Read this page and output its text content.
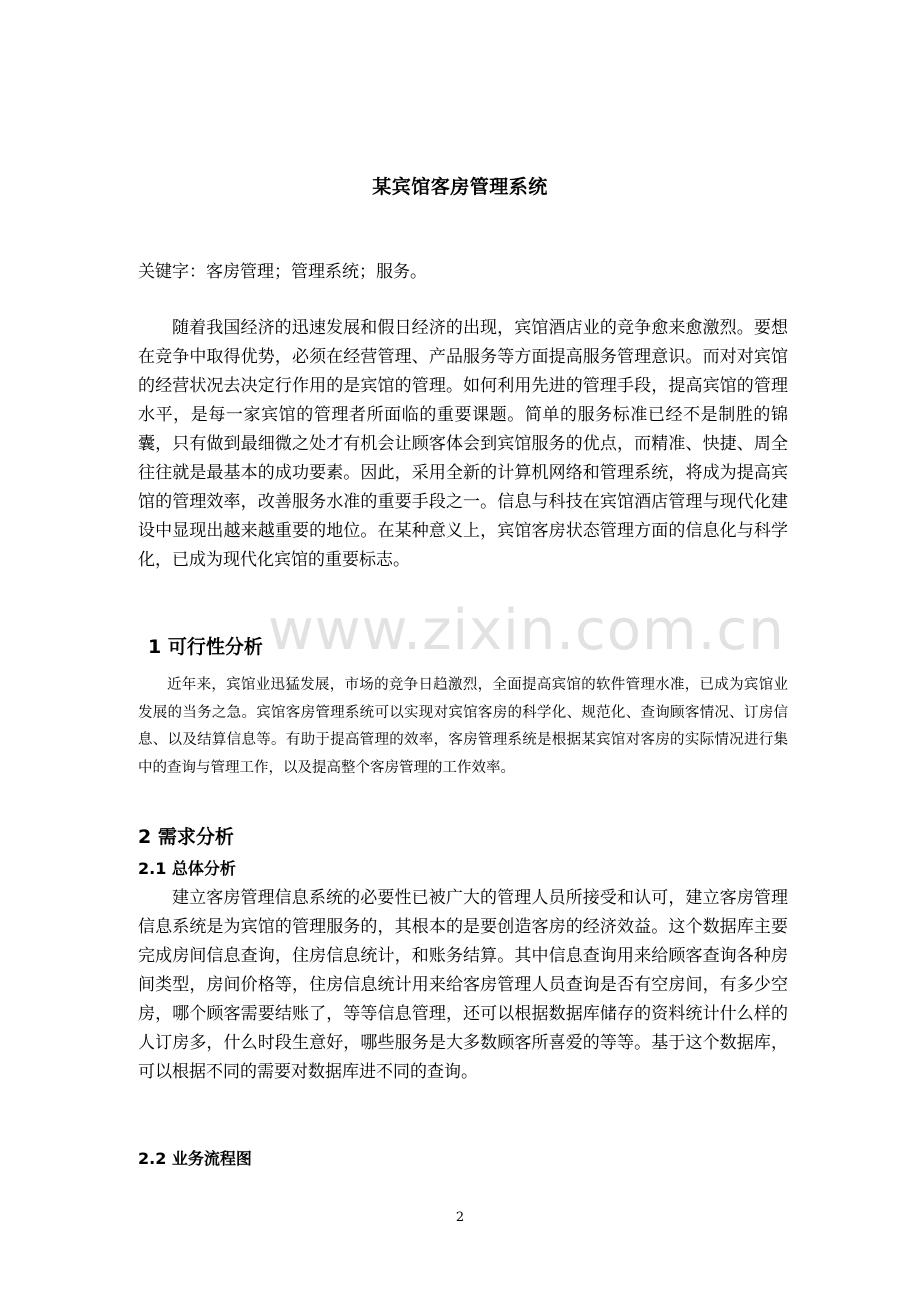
www.zixin.com.cn
某宾馆客房管理系统
关键字：客房管理；管理系统；服务。

随着我国经济的迅速发展和假日经济的出现，宾馆酒店业的竞争愈来愈激烈。要想在竞争中取得优势，必须在经营管理、产品服务等方面提高服务管理意识。而对对宾馆的经营状况去决定行作用的是宾馆的管理。如何利用先进的管理手段，提高宾馆的管理水平，是每一家宾馆的管理者所面临的重要课题。简单的服务标准已经不是制胜的锦囊，只有做到最细微之处才有机会让顾客体会到宾馆服务的优点，而精准、快捷、周全往往就是最基本的成功要素。因此，采用全新的计算机网络和管理系统，将成为提高宾馆的管理效率，改善服务水准的重要手段之一。信息与科技在宾馆酒店管理与现代化建设中显现出越来越重要的地位。在某种意义上，宾馆客房状态管理方面的信息化与科学化，已成为现代化宾馆的重要标志。

1 可行性分析

近年来，宾馆业迅猛发展，市场的竞争日趋激烈，全面提高宾馆的软件管理水准，已成为宾馆业发展的当务之急。宾馆客房管理系统可以实现对宾馆客房的科学化、规范化、查询顾客情况、订房信息、以及结算信息等。有助于提高管理的效率，客房管理系统是根据某宾馆对客房的实际情况进行集中的查询与管理工作，以及提高整个客房管理的工作效率。

2 需求分析
2.1 总体分析

建立客房管理信息系统的必要性已被广大的管理人员所接受和认可，建立客房管理信息系统是为宾馆的管理服务的，其根本的是要创造客房的经济效益。这个数据库主要完成房间信息查询，住房信息统计，和账务结算。其中信息查询用来给顾客查询各种房间类型，房间价格等，住房信息统计用来给客房管理人员查询是否有空房间，有多少空房，哪个顾客需要结账了，等等信息管理，还可以根据数据库储存的资料统计什么样的人订房多，什么时段生意好，哪些服务是大多数顾客所喜爱的等等。基于这个数据库，可以根据不同的需要对数据库进不同的查询。

2.2 业务流程图
2
